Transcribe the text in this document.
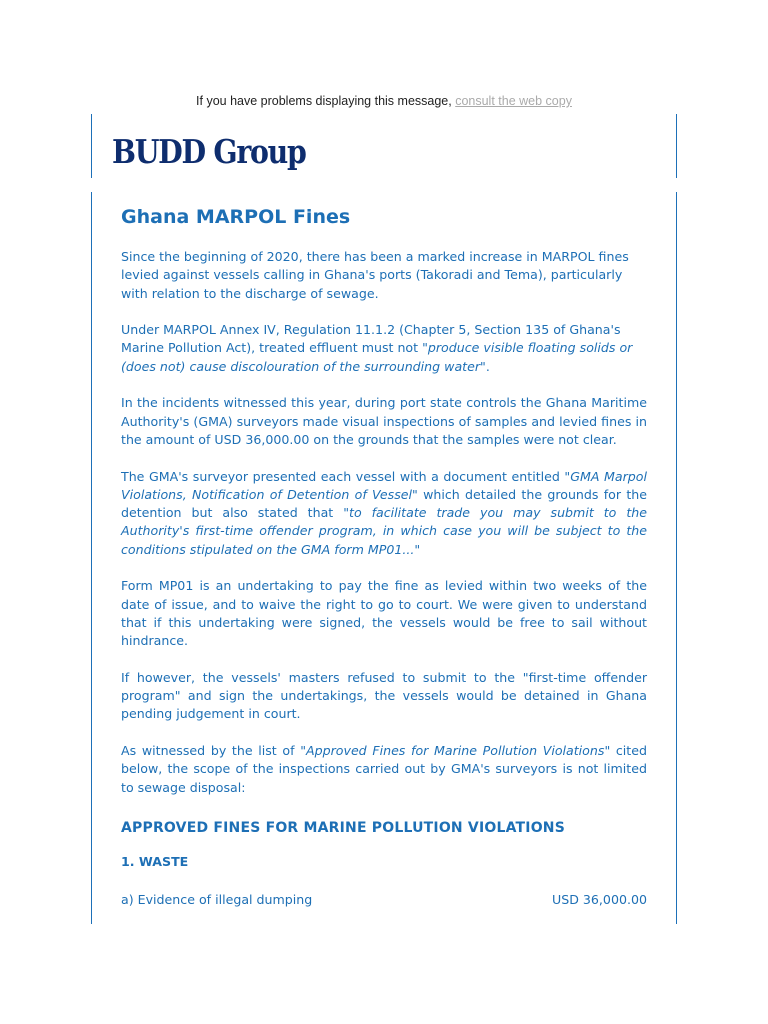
If you have problems displaying this message, consult the web copy
BUDD Group
Ghana MARPOL Fines

Since the beginning of 2020, there has been a marked increase in MARPOL fines levied against vessels calling in Ghana's ports (Takoradi and Tema), particularly with relation to the discharge of sewage.

Under MARPOL Annex IV, Regulation 11.1.2 (Chapter 5, Section 135 of Ghana's Marine Pollution Act), treated effluent must not "produce visible floating solids or (does not) cause discolouration of the surrounding water".

In the incidents witnessed this year, during port state controls the Ghana Maritime Authority's (GMA) surveyors made visual inspections of samples and levied fines in the amount of USD 36,000.00 on the grounds that the samples were not clear.

The GMA's surveyor presented each vessel with a document entitled "GMA Marpol Violations, Notification of Detention of Vessel" which detailed the grounds for the detention but also stated that "to facilitate trade you may submit to the Authority's first-time offender program, in which case you will be subject to the conditions stipulated on the GMA form MP01..."

Form MP01 is an undertaking to pay the fine as levied within two weeks of the date of issue, and to waive the right to go to court. We were given to understand that if this undertaking were signed, the vessels would be free to sail without hindrance.

If however, the vessels' masters refused to submit to the "first-time offender program" and sign the undertakings, the vessels would be detained in Ghana pending judgement in court.

As witnessed by the list of "Approved Fines for Marine Pollution Violations" cited below, the scope of the inspections carried out by GMA's surveyors is not limited to sewage disposal:

APPROVED FINES FOR MARINE POLLUTION VIOLATIONS
1. WASTE
a) Evidence of illegal dumping	USD 36,000.00
